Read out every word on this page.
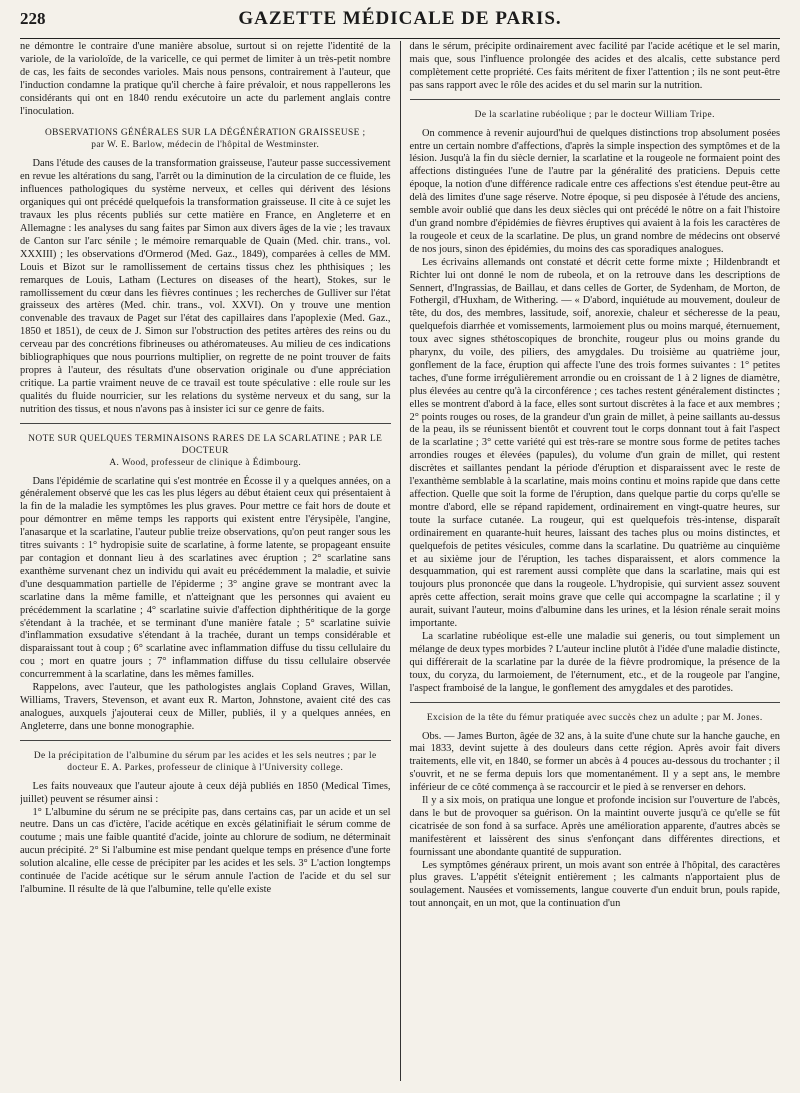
228	GAZETTE MÉDICALE DE PARIS.

ne démontre le contraire d'une manière absolue, surtout si on rejette l'identité de la variole, de la varioloïde, de la varicelle, ce qui permet de limiter à un très-petit nombre de cas, les faits de secondes varioles. Mais nous pensons, contrairement à l'auteur, que l'induction condamne la pratique qu'il cherche à faire prévaloir, et nous rappellerons les considérants qui ont en 1840 rendu exécutoire un acte du parlement anglais contre l'inoculation.

OBSERVATIONS GÉNÉRALES SUR LA DÉGÉNÉRATION GRAISSEUSE ;
par W. E. Barlow, médecin de l'hôpital de Westminster.

Dans l'étude des causes de la transformation graisseuse, l'auteur passe successivement en revue les altérations du sang, l'arrêt ou la diminution de la circulation de ce fluide, les influences pathologiques du système nerveux, et celles qui dérivent des lésions organiques qui ont précédé quelquefois la transformation graisseuse. Il cite à ce sujet les travaux les plus récents publiés sur cette matière en France, en Angleterre et en Allemagne : les analyses du sang faites par Simon aux divers âges de la vie ; les travaux de Canton sur l'arc sénile ; le mémoire remarquable de Quain (Med. chir. trans., vol. XXXIII) ; les observations d'Ormerod (Med. Gaz., 1849), comparées à celles de MM. Louis et Bizot sur le ramollissement de certains tissus chez les phthisiques ; les remarques de Louis, Latham (Lectures on diseases of the heart), Stokes, sur le ramollissement du cœur dans les fièvres continues ; les recherches de Gulliver sur l'état graisseux des artères (Med. chir. trans., vol. XXVI). On y trouve une mention convenable des travaux de Paget sur l'état des capillaires dans l'apoplexie (Med. Gaz., 1850 et 1851), de ceux de J. Simon sur l'obstruction des petites artères des reins ou du cerveau par des concrétions fibrineuses ou athéromateuses. Au milieu de ces indications bibliographiques que nous pourrions multiplier, on regrette de ne point trouver de faits propres à l'auteur, des résultats d'une observation originale ou d'une appréciation critique. La partie vraiment neuve de ce travail est toute spéculative : elle roule sur les qualités du fluide nourricier, sur les relations du système nerveux et du sang, sur la nutrition des tissus, et nous n'avons pas à insister ici sur ce genre de faits.

NOTE SUR QUELQUES TERMINAISONS RARES DE LA SCARLATINE ; PAR LE DOCTEUR
A. Wood, professeur de clinique à Édimbourg.

Dans l'épidémie de scarlatine qui s'est montrée en Écosse il y a quelques années, on a généralement observé que les cas les plus légers au début étaient ceux qui présentaient à la fin de la maladie les symptômes les plus graves. Pour mettre ce fait hors de doute et pour démontrer en même temps les rapports qui existent entre l'érysipèle, l'angine, l'anasarque et la scarlatine, l'auteur publie treize observations, qu'on peut ranger sous les titres suivants : 1° hydropisie suite de scarlatine, à forme latente, se propageant ensuite par contagion et donnant lieu à des scarlatines avec éruption ; 2° scarlatine sans exanthème survenant chez un individu qui avait eu précédemment la maladie, et suivie d'une desquammation partielle de l'épiderme ; 3° angine grave se montrant avec la scarlatine dans la même famille, et n'atteignant que les personnes qui avaient eu précédemment la scarlatine ; 4° scarlatine suivie d'affection diphthéritique de la gorge s'étendant à la trachée, et se terminant d'une manière fatale ; 5° scarlatine suivie d'inflammation exsudative s'étendant à la trachée, durant un temps considérable et disparaissant tout à coup ; 6° scarlatine avec inflammation diffuse du tissu cellulaire du cou ; mort en quatre jours ; 7° inflammation diffuse du tissu cellulaire observée concurremment à la scarlatine, dans les mêmes familles.

Rappelons, avec l'auteur, que les pathologistes anglais Copland Graves, Willan, Williams, Travers, Stevenson, et avant eux R. Marton, Johnstone, avaient cité des cas analogues, auxquels j'ajouterai ceux de Miller, publiés, il y a quelques années, en Angleterre, dans une bonne monographie.

De la précipitation de l'albumine du sérum par les acides et les sels neutres ; par le docteur E. A. Parkes, professeur de clinique à l'University college.

Les faits nouveaux que l'auteur ajoute à ceux déjà publiés en 1850 (Medical Times, juillet) peuvent se résumer ainsi :

1° L'albumine du sérum ne se précipite pas, dans certains cas, par un acide et un sel neutre. Dans un cas d'ictère, l'acide acétique en excès gélatinifiait le sérum comme de coutume ; mais une faible quantité d'acide, jointe au chlorure de sodium, ne déterminait aucun précipité. 2° Si l'albumine est mise pendant quelque temps en présence d'une forte solution alcaline, elle cesse de précipiter par les acides et les sels. 3° L'action longtemps continuée de l'acide acétique sur le sérum annule l'action de l'acide et du sel sur l'albumine. Il résulte de là que l'albumine, telle qu'elle existe

dans le sérum, précipite ordinairement avec facilité par l'acide acétique et le sel marin, mais que, sous l'influence prolongée des acides et des alcalis, cette substance perd complètement cette propriété. Ces faits méritent de fixer l'attention ; ils ne sont peut-être pas sans rapport avec le rôle des acides et du sel marin sur la nutrition.

De la scarlatine rubéolique ; par le docteur William Tripe.

On commence à revenir aujourd'hui de quelques distinctions trop absolument posées entre un certain nombre d'affections, d'après la simple inspection des symptômes et de la lésion. Jusqu'à la fin du siècle dernier, la scarlatine et la rougeole ne formaient point des affections distinguées l'une de l'autre par la généralité des praticiens. Depuis cette époque, la notion d'une différence radicale entre ces affections s'est étendue peut-être au delà des limites d'une sage réserve. Notre époque, si peu disposée à l'étude des anciens, semble avoir oublié que dans les deux siècles qui ont précédé le nôtre on a fait l'histoire d'un grand nombre d'épidémies de fièvres éruptives qui avaient à la fois les caractères de la rougeole et ceux de la scarlatine. De plus, un grand nombre de médecins ont observé de nos jours, sinon des épidémies, du moins des cas sporadiques analogues.

Les écrivains allemands ont constaté et décrit cette forme mixte ; Hildenbrandt et Richter lui ont donné le nom de rubeola, et on la retrouve dans les descriptions de Sennert, d'Ingrassias, de Baillau, et dans celles de Gorter, de Sydenham, de Morton, de Fothergil, d'Huxham, de Withering. — « D'abord, inquiétude au mouvement, douleur de tête, du dos, des membres, lassitude, soif, anorexie, chaleur et sécheresse de la peau, quelquefois diarrhée et vomissements, larmoiement plus ou moins marqué, éternuement, toux avec signes sthétoscopiques de bronchite, rougeur plus ou moins grande du pharynx, du voile, des piliers, des amygdales. Du troisième au quatrième jour, gonflement de la face, éruption qui affecte l'une des trois formes suivantes : 1° petites taches, d'une forme irrégulièrement arrondie ou en croissant de 1 à 2 lignes de diamètre, plus élevées au centre qu'à la circonférence ; ces taches restent généralement distinctes ; elles se montrent d'abord à la face, elles sont surtout discrètes à la face et aux membres ; 2° points rouges ou roses, de la grandeur d'un grain de millet, à peine saillants au-dessus de la peau, ils se réunissent bientôt et couvrent tout le corps donnant tout à fait l'aspect de la scarlatine ; 3° cette variété qui est très-rare se montre sous forme de petites taches arrondies rouges et élevées (papules), du volume d'un grain de millet, qui restent discrètes et saillantes pendant la période d'éruption et disparaissent avec le reste de l'exanthème semblable à la scarlatine, mais moins continu et moins rapide que dans cette affection. Quelle que soit la forme de l'éruption, dans quelque partie du corps qu'elle se montre d'abord, elle se répand rapidement, ordinairement en vingt-quatre heures, sur toute la surface cutanée. La rougeur, qui est quelquefois très-intense, disparaît ordinairement en quarante-huit heures, laissant des taches plus ou moins distinctes, et quelquefois de petites vésicules, comme dans la scarlatine. Du quatrième au cinquième et au sixième jour de l'éruption, les taches disparaissent, et alors commence la desquammation, qui est rarement aussi complète que dans la scarlatine, mais qui est toujours plus prononcée que dans la rougeole. L'hydropisie, qui survient assez souvent après cette affection, serait moins grave que celle qui accompagne la scarlatine ; il y aurait, suivant l'auteur, moins d'albumine dans les urines, et la lésion rénale serait moins importante.

La scarlatine rubéolique est-elle une maladie sui generis, ou tout simplement un mélange de deux types morbides ? L'auteur incline plutôt à l'idée d'une maladie distincte, qui différerait de la scarlatine par la durée de la fièvre prodromique, la présence de la toux, du coryza, du larmoiement, de l'éternument, etc., et de la rougeole par l'angine, l'aspect framboisé de la langue, le gonflement des amygdales et des parotides.

Excision de la tête du fémur pratiquée avec succès chez un adulte ; par M. Jones.

Obs. — James Burton, âgée de 32 ans, à la suite d'une chute sur la hanche gauche, en mai 1833, devint sujette à des douleurs dans cette région. Après avoir fait divers traitements, elle vit, en 1840, se former un abcès à 4 pouces au-dessous du trochanter ; il s'ouvrit, et ne se ferma depuis lors que momentanément. Il y a sept ans, le membre inférieur de ce côté commença à se raccourcir et le pied à se renverser en dehors.

Il y a six mois, on pratiqua une longue et profonde incision sur l'ouverture de l'abcès, dans le but de provoquer sa guérison. On la maintint ouverte jusqu'à ce qu'elle se fût cicatrisée de son fond à sa surface. Après une amélioration apparente, d'autres abcès se manifestèrent et laissèrent des sinus s'enfonçant dans différentes directions, et fournissant une abondante quantité de suppuration.

Les symptômes généraux prirent, un mois avant son entrée à l'hôpital, des caractères plus graves. L'appétit s'éteignit entièrement ; les calmants n'apportaient plus de soulagement. Nausées et vomissements, langue couverte d'un enduit brun, pouls rapide, tout annonçait, en un mot, que la continuation d'un
